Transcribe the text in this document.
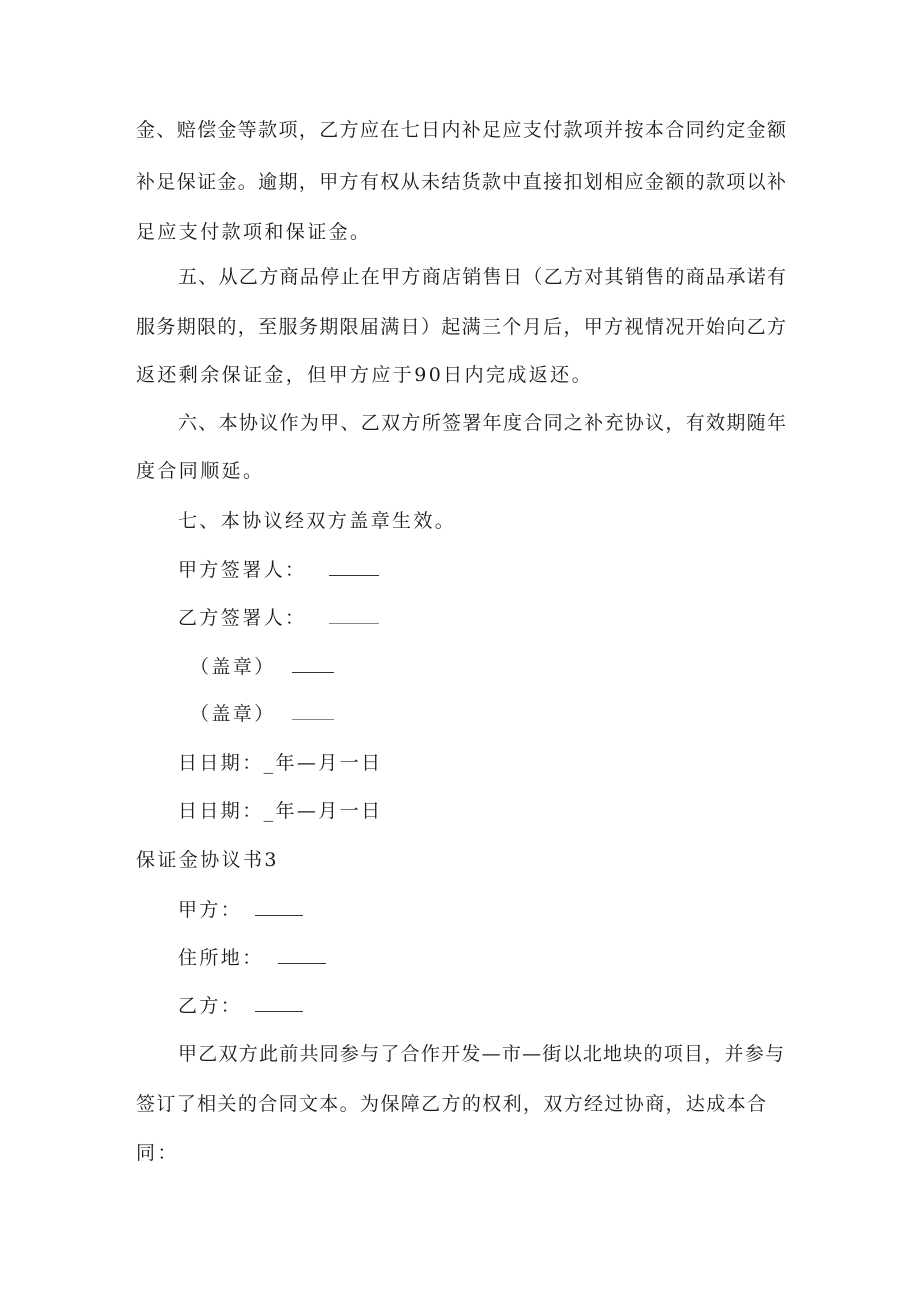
金、赔偿金等款项，乙方应在七日内补足应支付款项并按本合同约定金额
补足保证金。逾期，甲方有权从未结货款中直接扣划相应金额的款项以补
足应支付款项和保证金。
五、从乙方商品停止在甲方商店销售日（乙方对其销售的商品承诺有
服务期限的，至服务期限届满日）起满三个月后，甲方视情况开始向乙方
返还剩余保证金，但甲方应于90日内完成返还。
六、本协议作为甲、乙双方所签署年度合同之补充协议，有效期随年
度合同顺延。
七、本协议经双方盖章生效。
甲方签署人：
乙方签署人：
（盖章）
（盖章）
日日期：_年—月一日
日日期：_年—月一日
保证金协议书3
甲方：
住所地：
乙方：
甲乙双方此前共同参与了合作开发—市—街以北地块的项目，并参与
签订了相关的合同文本。为保障乙方的权利，双方经过协商，达成本合
同：
